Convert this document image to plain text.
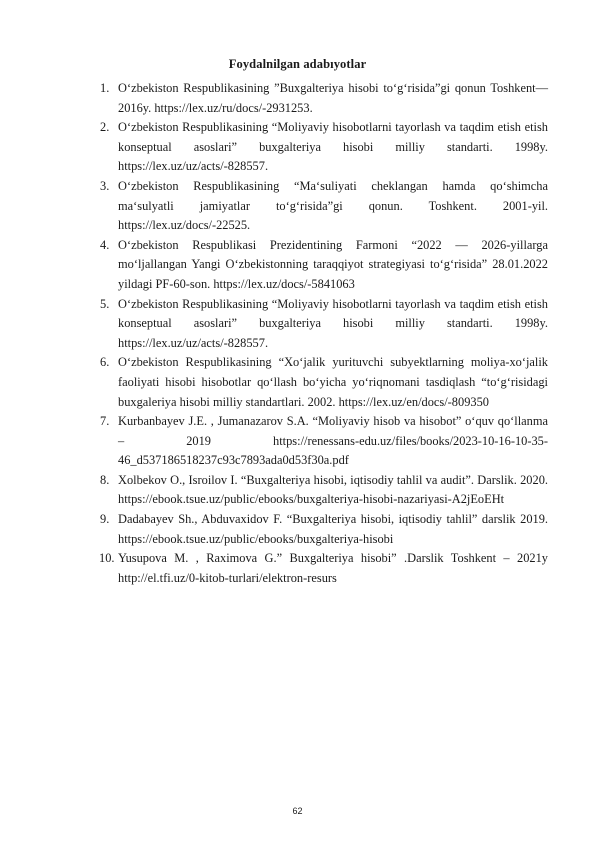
Foydalnilgan adabıyotlar
1. O‘zbekiston Respublikasining ”Buxgalteriya hisobi to‘g‘risida”gi qonun Toshkent—2016y. https://lex.uz/ru/docs/-2931253.
2. O‘zbekiston Respublikasining “Moliyaviy hisobotlarni tayorlash va taqdim etish etish konseptual asoslari” buxgalteriya hisobi milliy standarti. 1998y. https://lex.uz/uz/acts/-828557.
3. O‘zbekiston Respublikasining “Ma‘suliyati cheklangan hamda qo‘shimcha ma‘sulyatli jamiyatlar to‘g‘risida”gi qonun. Toshkent. 2001-yil. https://lex.uz/docs/-22525.
4. O‘zbekiston Respublikasi Prezidentining Farmoni “2022 — 2026-yillarga mo‘ljallangan Yangi O‘zbekistonning taraqqiyot strategiyasi to‘g‘risida” 28.01.2022 yildagi PF-60-son. https://lex.uz/docs/-5841063
5. O‘zbekiston Respublikasining “Moliyaviy hisobotlarni tayorlash va taqdim etish etish konseptual asoslari” buxgalteriya hisobi milliy standarti. 1998y. https://lex.uz/uz/acts/-828557.
6. O‘zbekiston Respublikasining “Xo‘jalik yurituvchi subyektlarning moliya-xo‘jalik faoliyati hisobi hisobotlar qo‘llash bo‘yicha yo‘riqnomani tasdiqlash “to‘g‘risidagi buxgaleriya hisobi milliy standartlari. 2002. https://lex.uz/en/docs/-809350
7. Kurbanbayev J.E. , Jumanazarov S.A. “Moliyaviy hisob va hisobot” o‘quv qo‘llanma – 2019 https://renessans-edu.uz/files/books/2023-10-16-10-35-46_d537186518237c93c7893ada0d53f30a.pdf
8. Xolbekov O., Isroilov I. “Buxgalteriya hisobi, iqtisodiy tahlil va audit”. Darslik. 2020. https://ebook.tsue.uz/public/ebooks/buxgalteriya-hisobi-nazariyasi-A2jEoEHt
9. Dadabayev Sh., Abduvaxidov F. “Buxgalteriya hisobi, iqtisodiy tahlil” darslik 2019. https://ebook.tsue.uz/public/ebooks/buxgalteriya-hisobi
10. Yusupova M. , Raximova G.” Buxgalteriya hisobi” .Darslik Toshkent – 2021y http://el.tfi.uz/0-kitob-turlari/elektron-resurs
62
